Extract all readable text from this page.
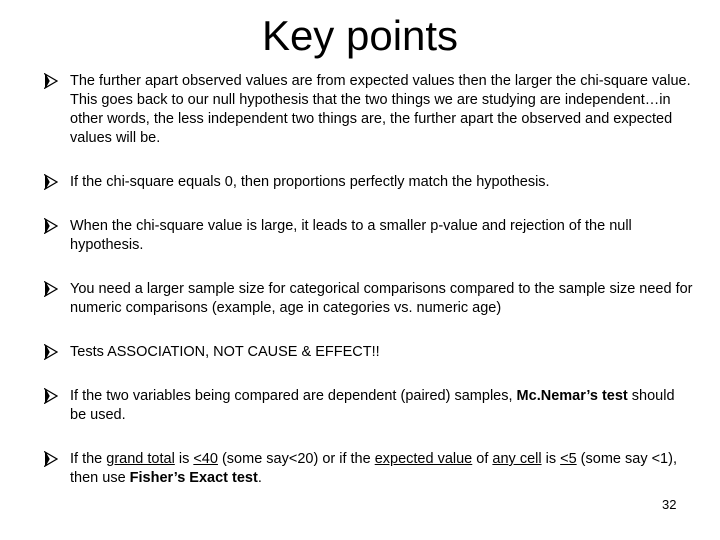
Key points
The further apart observed values are from expected values then the larger the chi-square value. This goes back to our null hypothesis that the two things we are studying are independent…in other words, the less independent two things are, the further apart the observed and expected values will be.
If the chi-square equals 0, then proportions perfectly match the hypothesis.
When the chi-square value is large, it leads to a smaller p-value and rejection of the null hypothesis.
You need a larger sample size for categorical comparisons compared to the sample size need for numeric comparisons (example, age in categories vs. numeric age)
Tests ASSOCIATION, NOT CAUSE & EFFECT!!
If the two variables being compared are dependent (paired) samples, Mc.Nemar’s test should be used.
If the grand total is <40 (some say<20) or if the expected value of any cell is <5 (some say <1), then use Fisher’s Exact test.
32
